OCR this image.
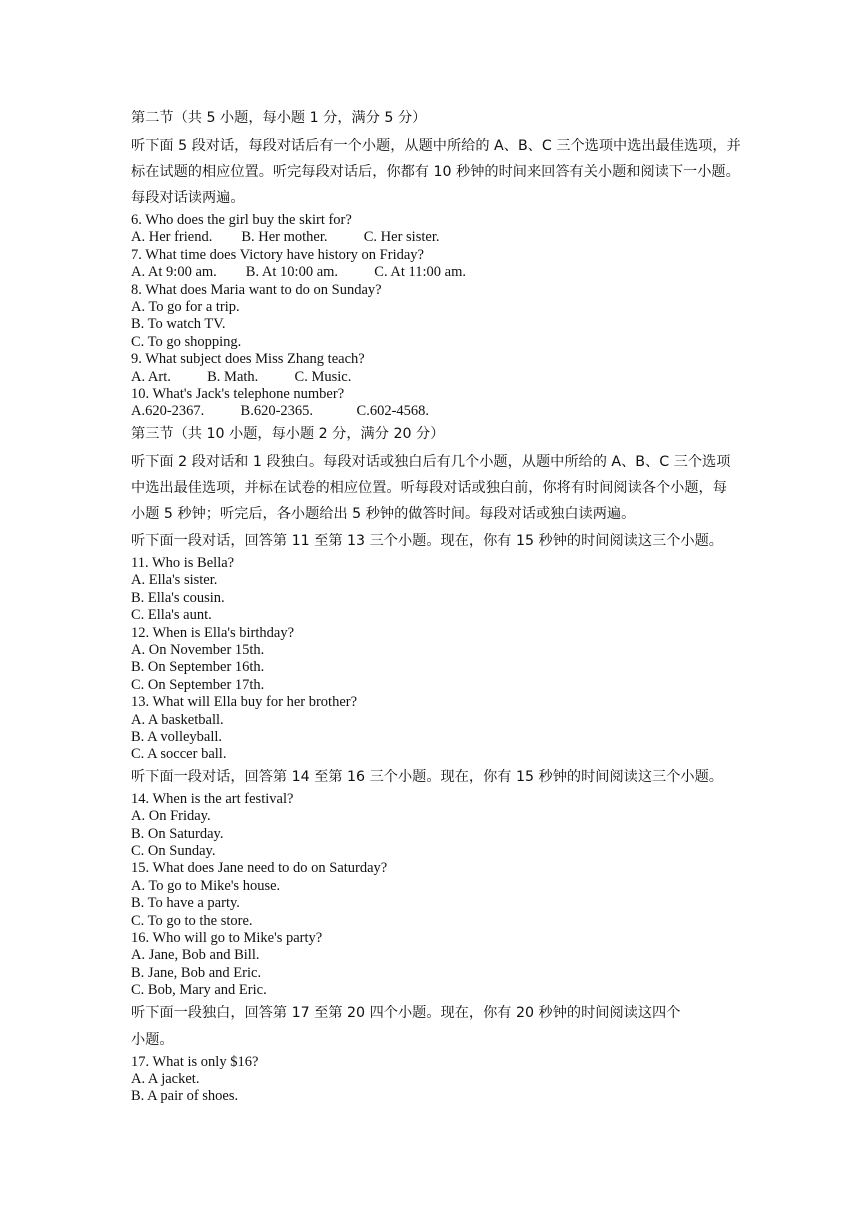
第二节（共 5 小题，每小题 1 分，满分 5 分）
听下面 5 段对话，每段对话后有一个小题，从题中所给的 A、B、C 三个选项中选出最佳选项，并标在试题的相应位置。听完每段对话后，你都有 10 秒钟的时间来回答有关小题和阅读下一小题。每段对话读两遍。
6. Who does the girl buy the skirt for?
A. Her friend.        B. Her mother.          C. Her sister.
7. What time does Victory have history on Friday?
A. At 9:00 am.        B. At 10:00 am.          C. At 11:00 am.
8. What does Maria want to do on Sunday?
A. To go for a trip.
B. To watch TV.
C. To go shopping.
9. What subject does Miss Zhang teach?
A. Art.          B. Math.          C. Music.
10. What's Jack's telephone number?
A.620-2367.          B.620-2365.            C.602-4568.
第三节（共 10 小题，每小题 2 分，满分 20 分）
听下面 2 段对话和 1 段独白。每段对话或独白后有几个小题，从题中所给的 A、B、C 三个选项中选出最佳选项，并标在试卷的相应位置。听每段对话或独白前，你将有时间阅读各个小题，每小题 5 秒钟；听完后，各小题给出 5 秒钟的做答时间。每段对话或独白读两遍。
听下面一段对话，回答第 11 至第 13 三个小题。现在，你有 15 秒钟的时间阅读这三个小题。
11. Who is Bella?
A. Ella's sister.
B. Ella's cousin.
C. Ella's aunt.
12. When is Ella's birthday?
A. On November 15th.
B. On September 16th.
C. On September 17th.
13. What will Ella buy for her brother?
A. A basketball.
B. A volleyball.
C. A soccer ball.
听下面一段对话，回答第 14 至第 16 三个小题。现在，你有 15 秒钟的时间阅读这三个小题。
14. When is the art festival?
A. On Friday.
B. On Saturday.
C. On Sunday.
15. What does Jane need to do on Saturday?
A. To go to Mike's house.
B. To have a party.
C. To go to the store.
16. Who will go to Mike's party?
A. Jane, Bob and Bill.
B. Jane, Bob and Eric.
C. Bob, Mary and Eric.
听下面一段独白，回答第 17 至第 20 四个小题。现在，你有 20 秒钟的时间阅读这四个
小题。
17. What is only $16?
A. A jacket.
B. A pair of shoes.
